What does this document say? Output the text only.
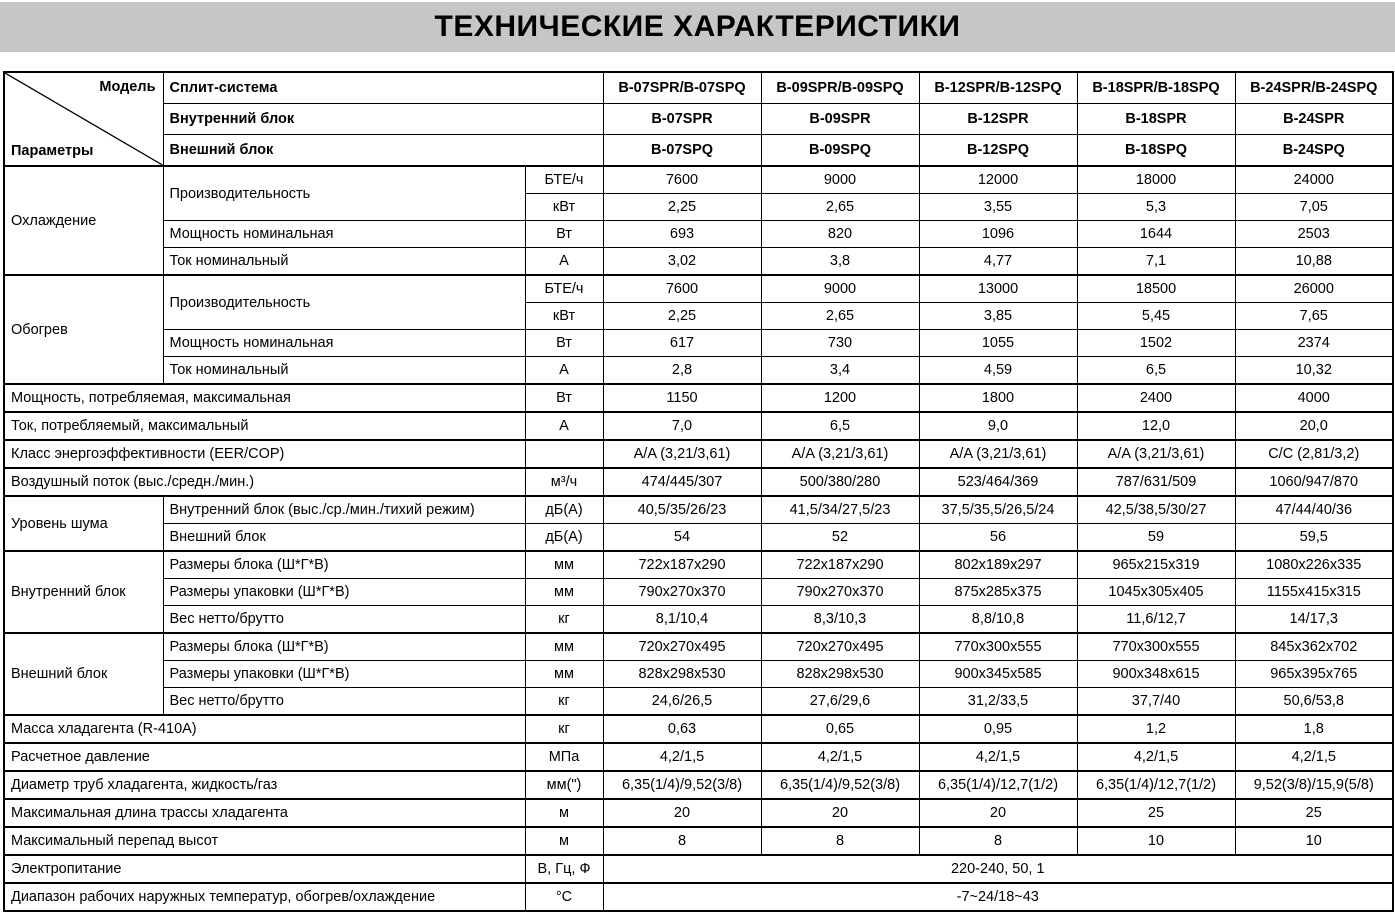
ТЕХНИЧЕСКИЕ ХАРАКТЕРИСТИКИ
Модель
Параметры	Сплит-система		B-07SPR/B-07SPQ	B-09SPR/B-09SPQ	B-12SPR/B-12SPQ	B-18SPR/B-18SPQ	B-24SPR/B-24SPQ
	Внутренний блок		B-07SPR	B-09SPR	B-12SPR	B-18SPR	B-24SPR
	Внешний блок		B-07SPQ	B-09SPQ	B-12SPQ	B-18SPQ	B-24SPQ
Охлаждение	Производительность	БТЕ/ч	7600	9000	12000	18000	24000
		кВт	2,25	2,65	3,55	5,3	7,05
	Мощность номинальная	Вт	693	820	1096	1644	2503
	Ток номинальный	А	3,02	3,8	4,77	7,1	10,88
Обогрев	Производительность	БТЕ/ч	7600	9000	13000	18500	26000
		кВт	2,25	2,65	3,85	5,45	7,65
	Мощность номинальная	Вт	617	730	1055	1502	2374
	Ток номинальный	А	2,8	3,4	4,59	6,5	10,32
Мощность, потребляемая, максимальная		Вт	1150	1200	1800	2400	4000
Ток, потребляемый, максимальный		А	7,0	6,5	9,0	12,0	20,0
Класс энергоэффективности (EER/COP)			A/A (3,21/3,61)	A/A (3,21/3,61)	A/A (3,21/3,61)	A/A (3,21/3,61)	C/C (2,81/3,2)
Воздушный поток (выс./средн./мин.)		м³/ч	474/445/307	500/380/280	523/464/369	787/631/509	1060/947/870
Уровень шума	Внутренний блок (выс./ср./мин./тихий режим)	дБ(А)	40,5/35/26/23	41,5/34/27,5/23	37,5/35,5/26,5/24	42,5/38,5/30/27	47/44/40/36
	Внешний блок	дБ(А)	54	52	56	59	59,5
Внутренний блок	Размеры блока (Ш*Г*В)	мм	722x187x290	722x187x290	802x189x297	965x215x319	1080x226x335
	Размеры упаковки (Ш*Г*В)	мм	790x270x370	790x270x370	875x285x375	1045x305x405	1155x415x315
	Вес нетто/брутто	кг	8,1/10,4	8,3/10,3	8,8/10,8	11,6/12,7	14/17,3
Внешний блок	Размеры блока (Ш*Г*В)	мм	720x270x495	720x270x495	770x300x555	770x300x555	845x362x702
	Размеры упаковки (Ш*Г*В)	мм	828x298x530	828x298x530	900x345x585	900x348x615	965x395x765
	Вес нетто/брутто	кг	24,6/26,5	27,6/29,6	31,2/33,5	37,7/40	50,6/53,8
Масса хладагента (R-410A)		кг	0,63	0,65	0,95	1,2	1,8
Расчетное давление		МПа	4,2/1,5	4,2/1,5	4,2/1,5	4,2/1,5	4,2/1,5
Диаметр труб хладагента, жидкость/газ		мм(")	6,35(1/4)/9,52(3/8)	6,35(1/4)/9,52(3/8)	6,35(1/4)/12,7(1/2)	6,35(1/4)/12,7(1/2)	9,52(3/8)/15,9(5/8)
Максимальная длина трассы хладагента		м	20	20	20	25	25
Максимальный перепад высот		м	8	8	8	10	10
Электропитание		В, Гц, Ф	220-240, 50, 1				
Диапазон рабочих наружных температур, обогрев/охлаждение		°С	-7~24/18~43				
